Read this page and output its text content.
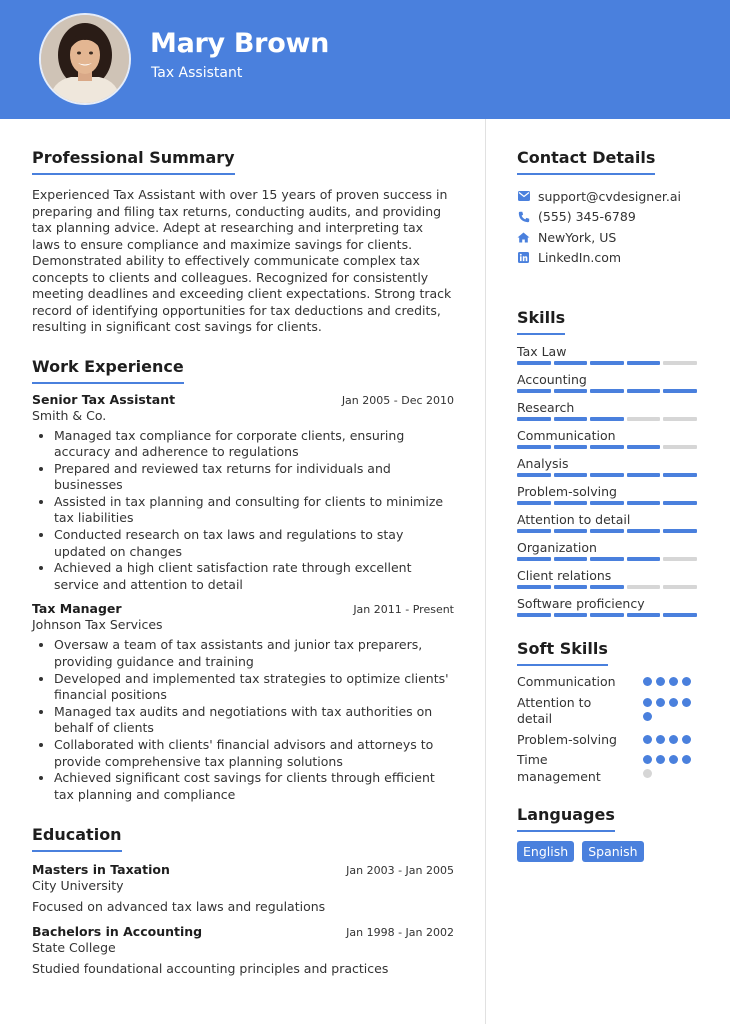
Mary Brown
Tax Assistant
Professional Summary
Experienced Tax Assistant with over 15 years of proven success in preparing and filing tax returns, conducting audits, and providing tax planning advice. Adept at researching and interpreting tax laws to ensure compliance and maximize savings for clients. Demonstrated ability to effectively communicate complex tax concepts to clients and colleagues. Recognized for consistently meeting deadlines and exceeding client expectations. Strong track record of identifying opportunities for tax deductions and credits, resulting in significant cost savings for clients.
Work Experience
Senior Tax Assistant	Jan 2005 - Dec 2010
Smith & Co.
• Managed tax compliance for corporate clients, ensuring accuracy and adherence to regulations
• Prepared and reviewed tax returns for individuals and businesses
• Assisted in tax planning and consulting for clients to minimize tax liabilities
• Conducted research on tax laws and regulations to stay updated on changes
• Achieved a high client satisfaction rate through excellent service and attention to detail
Tax Manager	Jan 2011 - Present
Johnson Tax Services
• Oversaw a team of tax assistants and junior tax preparers, providing guidance and training
• Developed and implemented tax strategies to optimize clients' financial positions
• Managed tax audits and negotiations with tax authorities on behalf of clients
• Collaborated with clients' financial advisors and attorneys to provide comprehensive tax planning solutions
• Achieved significant cost savings for clients through efficient tax planning and compliance
Education
Masters in Taxation	Jan 2003 - Jan 2005
City University
Focused on advanced tax laws and regulations
Bachelors in Accounting	Jan 1998 - Jan 2002
State College
Studied foundational accounting principles and practices
Contact Details
support@cvdesigner.ai
(555) 345-6789
NewYork, US
LinkedIn.com
Skills
Tax Law
Accounting
Research
Communication
Analysis
Problem-solving
Attention to detail
Organization
Client relations
Software proficiency
Soft Skills
Communication
Attention to detail
Problem-solving
Time management
Languages
English Spanish
